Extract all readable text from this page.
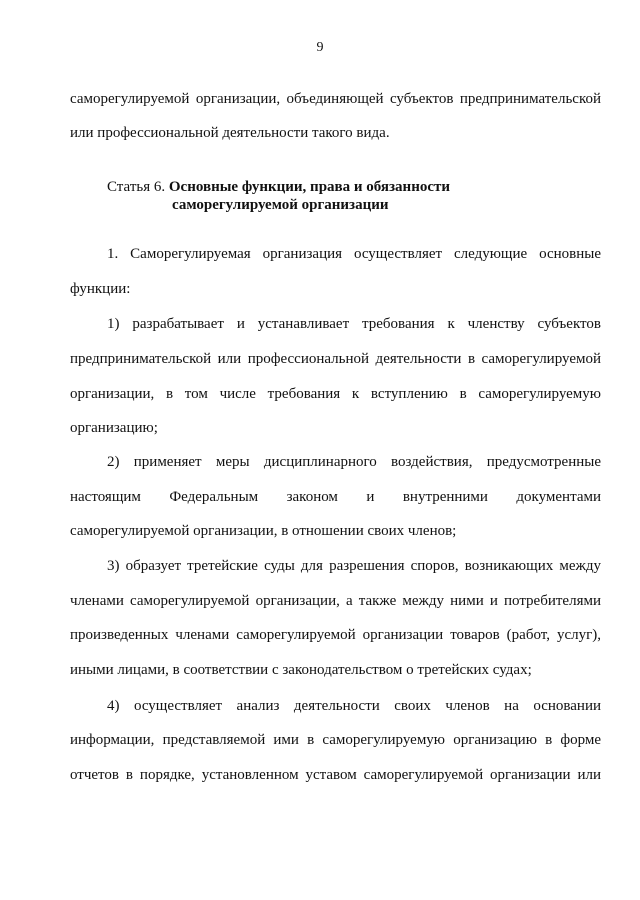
9
саморегулируемой организации, объединяющей субъектов предпринимательской
или профессиональной деятельности такого вида.
Статья 6. Основные функции, права и обязанности
саморегулируемой организации
1. Саморегулируемая организация осуществляет следующие основные
функции:
1) разрабатывает и устанавливает требования к членству субъектов
предпринимательской или профессиональной деятельности в саморегулируемой
организации, в том числе требования к вступлению в саморегулируемую
организацию;
2) применяет меры дисциплинарного воздействия, предусмотренные
настоящим Федеральным законом и внутренними документами
саморегулируемой организации, в отношении своих членов;
3) образует третейские суды для разрешения споров, возникающих между
членами саморегулируемой организации, а также между ними и потребителями
произведенных членами саморегулируемой организации товаров (работ, услуг),
иными лицами, в соответствии с законодательством о третейских судах;
4) осуществляет анализ деятельности своих членов на основании
информации, представляемой ими в саморегулируемую организацию в форме
отчетов в порядке, установленном уставом саморегулируемой организации или
